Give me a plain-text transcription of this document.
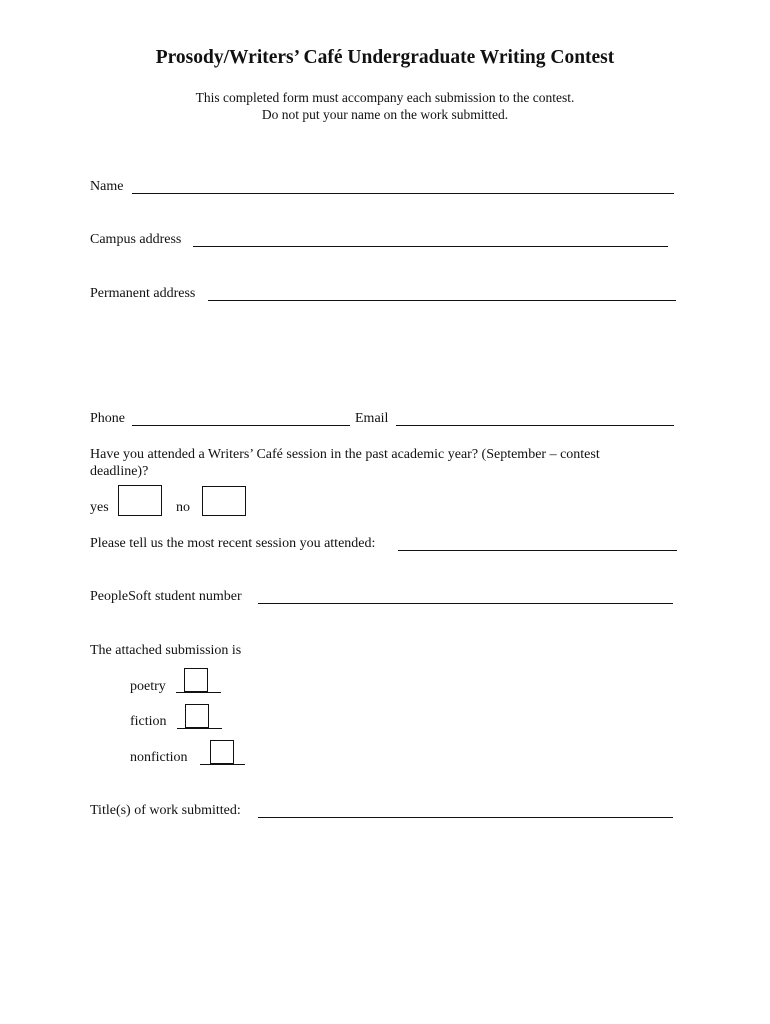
Prosody/Writers’ Café Undergraduate Writing Contest
This completed form must accompany each submission to the contest.
Do not put your name on the work submitted.
Name
Campus address
Permanent address
Phone	Email
Have you attended a Writers’ Café session in the past academic year? (September – contest
deadline)?
yes	no
Please tell us the most recent session you attended:
PeopleSoft student number
The attached submission is
poetry
fiction
nonfiction
Title(s) of work submitted:
